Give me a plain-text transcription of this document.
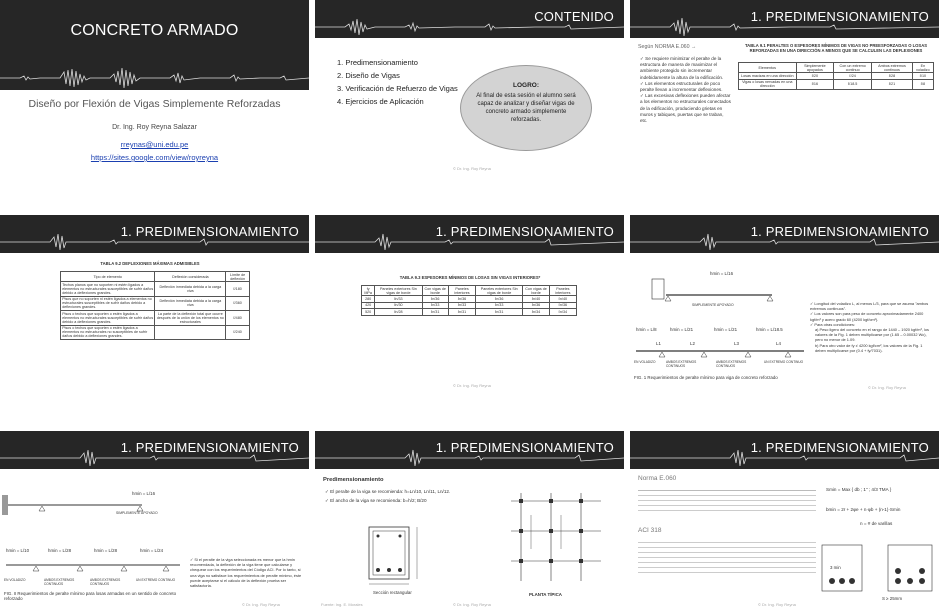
CONCRETO ARMADO
Diseño por Flexión de Vigas Simplemente Reforzadas
Dr. Ing. Roy Reyna Salazar
rreynas@uni.edu.pe
https://sites.google.com/view/royreyna
CONTENIDO
1. Predimensionamiento
2. Diseño de Vigas
3. Verificación de Refuerzo de Vigas
4. Ejercicios de Aplicación
LOGRO:
Al final de esta sesión el alumno será capaz de analizar y diseñar vigas de concreto armado simplemente reforzadas.
© Dr. Ing. Roy Reyna
1. PREDIMENSIONAMIENTO
Según NORMA E.060 →
✓ Se requiere minimizar el peralte de la estructura de manera de maximizar el ambiente protegido sin incrementar indebidamente la altura de la edificación.
✓ Los elementos estructurales de poco peralte llevan a incrementar deflexiones.
✓ Las excesivas deflexiones pueden afectar a los elementos no estructurales conectados de la edificación, produciendo grietas en muros y tabiques, puertas que se traban, etc.
TABLA 9.1 PERALTES O ESPESORES MÍNIMOS DE VIGAS NO PREESFORZADAS O LOSAS REFORZADAS EN UNA DIRECCIÓN A MENOS QUE SE CALCULEN LAS DEFLEXIONES
Elementos	Simplemente apoyados	Con un extremo continuo	Ambos extremos continuos	En voladizo
Losas macizas en una dirección	ℓ/20	ℓ/24	ℓ/28	ℓ/10
Vigas o losas nervadas en una dirección	ℓ/16	ℓ/18.5	ℓ/21	ℓ/8
1. PREDIMENSIONAMIENTO
TABLA 9.2 DEFLEXIONES MÁXIMAS ADMISIBLES
Tipo de elemento	Deflexión considerada	Límite de deflexión
Techos planos que no soporten ni estén ligados a elementos no estructurales susceptibles de sufrir daños debido a deflexiones grandes.	Deflexión inmediata debida a la carga viva	ℓ/180
Pisos que no soporten ni estén ligados a elementos no estructurales susceptibles de sufrir daños debido a deflexiones grandes.	Deflexión inmediata debida a la carga viva	ℓ/360
Pisos o techos que soporten o estén ligados a elementos no estructurales susceptibles de sufrir daños debido a deflexiones grandes.	La parte de la deflexión total que ocurre después de la unión de los elementos no estructurales	ℓ/480
Pisos o techos que soporten o estén ligados a elementos no estructurales no susceptibles de sufrir daños debido a deflexiones grandes.		ℓ/240
1. PREDIMENSIONAMIENTO
TABLA 9.3 ESPESORES MÍNIMOS DE LOSAS SIN VIGAS INTERIORES*
fy MPa	Paneles exteriores Sin vigas de borde	Con vigas de borde	Paneles interiores	Paneles exteriores Sin vigas de borde	Con vigas de borde	Paneles interiores
280	ℓn/33	ℓn/36	ℓn/36	ℓn/36	ℓn/40	ℓn/40
420	ℓn/30	ℓn/33	ℓn/33	ℓn/33	ℓn/36	ℓn/36
520	ℓn/28	ℓn/31	ℓn/31	ℓn/31	ℓn/34	ℓn/34
© Dr. Ing. Roy Reyna
1. PREDIMENSIONAMIENTO
hmin = L/16
SIMPLEMENTE APOYADO
hmin = L/8	hmin = L/21	hmin = L/21	hmin = L/18.5
L1	L2	L3	L4
EN VOLADIZO	AMBOS EXTREMOS CONTINUOS
AMBOS EXTREMOS CONTINUOS
UN EXTREMO CONTINUO
✓ Longitud del voladizo L, al menos L/3, para que se asuma "ambos extremos continuos".
✓ Los valores son para peso de concreto aproximadamente 2400 kgf/m³ y acero grado 60 (4200 kgf/cm²).
✓ Para otras condiciones:
a) Peso ligero del concreto en el rango de 1440 – 1920 kgf/m³, los valores de la Fig. 1 deben multiplicarse por (1.65 – 0.00032 Wc), pero no menor de 1.09.
b) Para otro valor de fy ≠ 4200 kgf/cm², los valores de la Fig. 1 deben multiplicarse por (0.4 + fy/7031).
FIG. 1 Requerimientos de peralte mínimo para viga de concreto reforzado
© Dr. Ing. Roy Reyna
1. PREDIMENSIONAMIENTO
hmin = L/16
SIMPLEMENTE APOYADO
hmin = L/10	hmin = L/28	hmin = L/28	hmin = L/24
EN VOLADIZO	AMBOS EXTREMOS CONTINUOS
AMBOS EXTREMOS CONTINUOS
UN EXTREMO CONTINUO
✓ Si el peralte de la viga seleccionada es menor que la hmin recomendada, la deflexión de la viga tiene que calcularse y chequear con los requerimientos del Código ACI. Por lo tanto, si una viga no satisface los requerimientos de peralte mínimo, éste puede aceptarse si el cálculo de la deflexión prueba ser satisfactoria.
FIG. II Requerimientos de peralte mínimo para losas armadas en un sentido de concreto reforzado
© Dr. Ing. Roy Reyna
1. PREDIMENSIONAMIENTO
Predimensionamiento
✓ El peralte de la viga se recomienda: h=Ln/10, Ln/11, Ln/12.
✓ El ancho de la viga se recomienda: b=h/2; B/20
Sección rectangular	PLANTA TÍPICA
Fuente: Ing. E. Morales	© Dr. Ing. Roy Reyna
1. PREDIMENSIONAMIENTO
Norma E.060
ACI 318
Smin = Max { db ; 1" ; 4/3 TMA }
bmin = 2r + 2φe + n·φb + (n-1)·Smin
n = # de varillas
3 min
S ≥ 25mm
© Dr. Ing. Roy Reyna
